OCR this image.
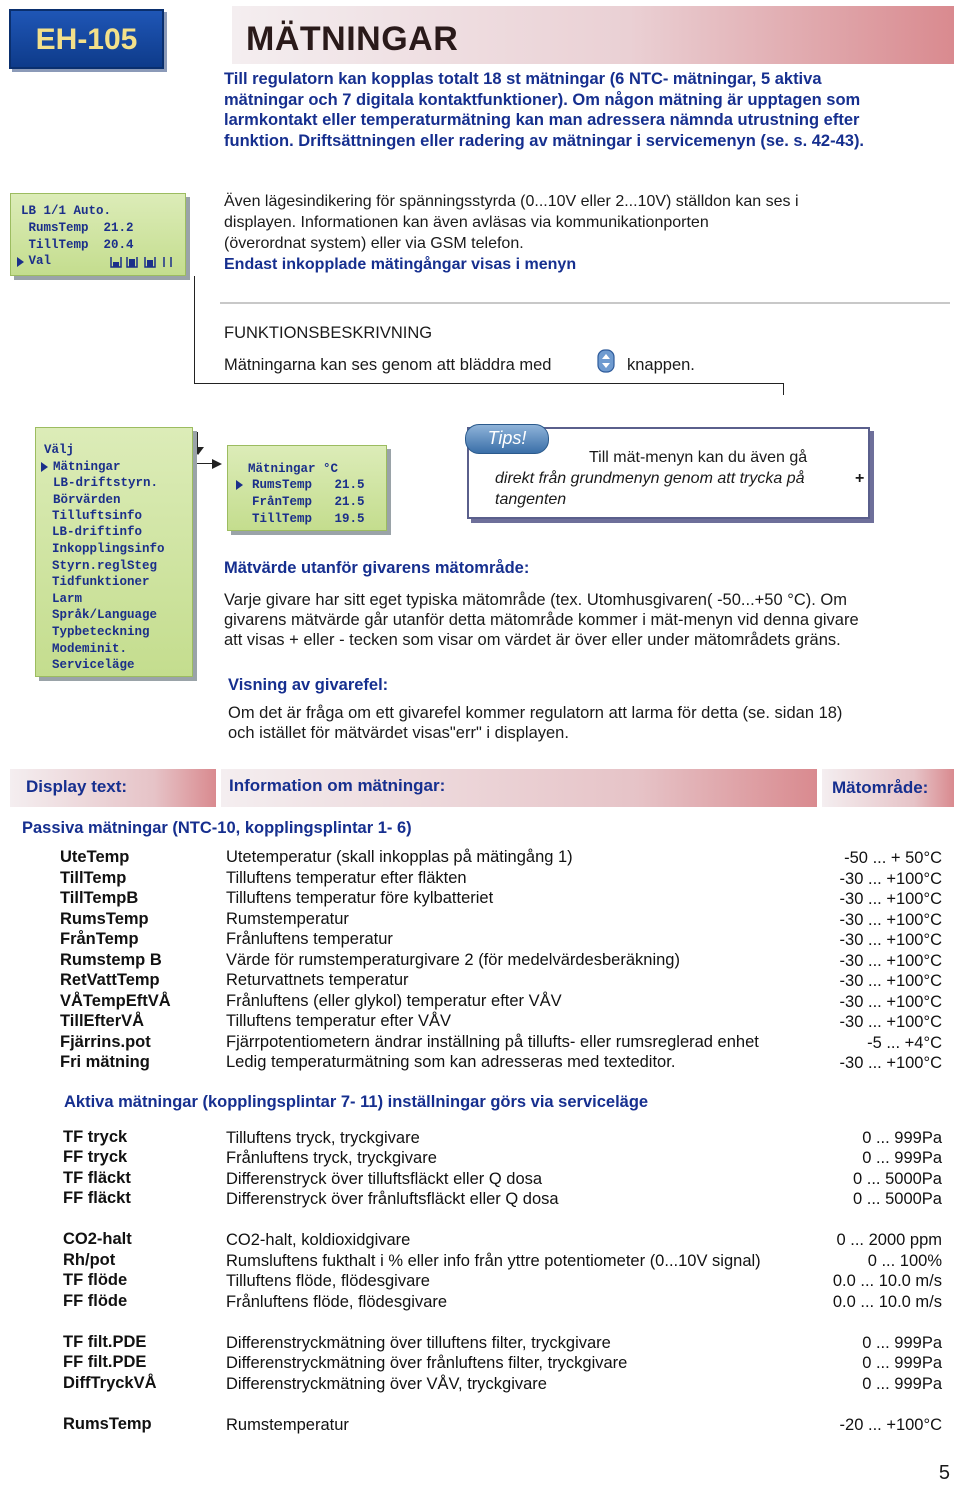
EH-105	MÄTNINGAR
Till regulatorn kan kopplas totalt 18 st mätningar (6 NTC- mätningar, 5 aktiva
mätningar och 7 digitala kontaktfunktioner). Om någon mätning är upptagen som
larmkontakt eller temperaturmätning kan man adressera nämnda utrustning efter
funktion. Driftsättningen eller radering av mätningar i servicemenyn (se. s. 42-43).
LB 1/1 Auto.
RumsTemp  21.2
TillTemp  20.4
Val
Även lägesindikering för spänningsstyrda (0...10V eller 2...10V) ställdon kan ses i
displayen. Informationen kan även avläsas via kommunikationporten
(överordnat system) eller via GSM telefon.
Endast inkopplade mätingångar visas i menyn
FUNKTIONSBESKRIVNING
Mätningarna kan ses genom att bläddra med	knappen.
Välj
Mätningar
LB-driftstyrn.
Börvärden
Tilluftsinfo
LB-driftinfo
Inkopplingsinfo
Styrn.reglSteg
Tidfunktioner
Larm
Språk/Language
Typbeteckning
Modeminit.
Serviceläge
Mätningar °C
RumsTemp   21.5
FrånTemp   21.5
TillTemp   19.5
Till mät-menyn kan du även gå
direkt från grundmenyn genom att trycka på	+
tangenten
Tips!
Mätvärde utanför givarens mätområde:
Varje givare har sitt eget typiska mätområde (tex. Utomhusgivaren( -50...+50 °C). Om
givarens mätvärde går utanför detta mätområde kommer i mät-menyn vid denna givare
att visas + eller - tecken som visar om värdet är över eller under mätområdets gräns.
Visning av givarefel:
Om det är fråga om ett givarefel kommer regulatorn att larma för detta (se. sidan 18)
och istället för mätvärdet visas"err" i displayen.
Display text:	Information om mätningar:	Mätområde:
Passiva mätningar (NTC-10, kopplingsplintar 1- 6)
UteTemp	Utetemperatur (skall inkopplas på mätingång 1)	-50 ... + 50°C
TillTemp	Tilluftens temperatur efter fläkten	-30 ... +100°C
TillTempB	Tilluftens temperatur före kylbatteriet	-30 ... +100°C
RumsTemp	Rumstemperatur	-30 ... +100°C
FrånTemp	Frånluftens temperatur	-30 ... +100°C
Rumstemp B	Värde för rumstemperaturgivare 2 (för medelvärdesberäkning)	-30 ... +100°C
RetVattTemp	Returvattnets temperatur	-30 ... +100°C
VÅTempEftVÅ	Frånluftens (eller glykol) temperatur efter VÅV	-30 ... +100°C
TillEfterVÅ	Tilluftens temperatur efter VÅV	-30 ... +100°C
Fjärrins.pot	Fjärrpotentiometern ändrar inställning på tillufts- eller rumsreglerad enhet	-5 ... +4°C
Fri mätning	Ledig temperaturmätning som kan adresseras med texteditor.	-30 ... +100°C
Aktiva mätningar (kopplingsplintar 7- 11) inställningar görs via serviceläge
TF tryck	Tilluftens tryck, tryckgivare	0 ... 999Pa
FF tryck	Frånluftens tryck, tryckgivare	0 ... 999Pa
TF fläckt	Differenstryck över tilluftsfläckt eller Q dosa	0 ... 5000Pa
FF fläckt	Differenstryck över frånluftsfläckt eller Q dosa	0 ... 5000Pa
CO2-halt	CO2-halt, koldioxidgivare	0 ... 2000 ppm
Rh/pot	Rumsluftens fukthalt i % eller info från yttre potentiometer (0...10V signal)	0 ... 100%
TF flöde	Tilluftens flöde, flödesgivare	0.0 ... 10.0 m/s
FF flöde	Frånluftens flöde, flödesgivare	0.0 ... 10.0 m/s
TF filt.PDE	Differenstryckmätning över tilluftens filter, tryckgivare	0 ... 999Pa
FF filt.PDE	Differenstryckmätning över frånluftens filter, tryckgivare	0 ... 999Pa
DiffTryckVÅ	Differenstryckmätning över VÅV, tryckgivare	0 ... 999Pa
RumsTemp	Rumstemperatur	-20 ... +100°C
5
